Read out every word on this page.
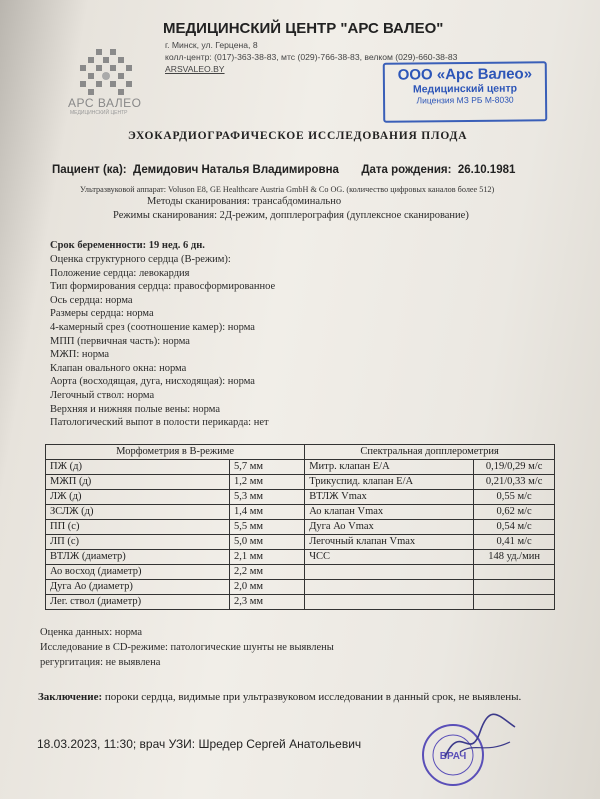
АРС ВАЛЕО
МЕДИЦИНСКИЙ ЦЕНТР
МЕДИЦИНСКИЙ ЦЕНТР "АРС ВАЛЕО"
г. Минск, ул. Герцена, 8
колл-центр: (017)-363-38-83, мтс (029)-766-38-83, велком (029)-660-38-83
ARSVALEO.BY	ООО «Арс Валео»
Медицинский центр
Лицензия МЗ РБ М-8030
ЭХОКАРДИОГРАФИЧЕСКОЕ ИССЛЕДОВАНИЯ ПЛОДА
Пациент (ка): Демидович Наталья Владимировна Дата рождения: 26.10.1981
Ультразвуковой аппарат: Voluson E8, GE Healthcare Austria GmbH & Co OG. (количество цифровых каналов более 512)
Методы сканирования: трансабдоминально
Режимы сканирования: 2Д-режим, допплерография (дуплексное сканирование)
Срок беременности: 19 нед. 6 дн.
Оценка структурного сердца (В-режим):
Положение сердца: левокардия
Тип формирования сердца: правосформированное
Ось сердца: норма
Размеры сердца: норма
4-камерный срез (соотношение камер): норма
МПП (первичная часть): норма
МЖП: норма
Клапан овального окна: норма
Аорта (восходящая, дуга, нисходящая): норма
Легочный ствол: норма
Верхняя и нижняя полые вены: норма
Патологический выпот в полости перикарда: нет
Морфометрия в В-режиме		Спектральная допплерометрия	
ПЖ (д)	5,7 мм	Митр. клапан E/A	0,19/0,29 м/с
МЖП (д)	1,2 мм	Трикуспид. клапан E/A	0,21/0,33 м/с
ЛЖ (д)	5,3 мм	ВТЛЖ Vmax	0,55 м/с
ЗСЛЖ (д)	1,4 мм	Ао клапан Vmax	0,62 м/с
ПП (с)	5,5 мм	Дуга Ао Vmax	0,54 м/с
ЛП (с)	5,0 мм	Легочный клапан Vmax	0,41 м/с
ВТЛЖ (диаметр)	2,1 мм	ЧСС	148 уд./мин
Ао восход (диаметр)	2,2 мм		
Дуга Ао (диаметр)	2,0 мм		
Лег. ствол (диаметр)	2,3 мм		
Оценка данных: норма
Исследование в CD-режиме: патологические шунты не выявлены
регургитация: не выявлена
Заключение: пороки сердца, видимые при ультразвуковом исследовании в данный срок, не выявлены.
18.03.2023, 11:30; врач УЗИ: Шредер Сергей Анатольевич
ВРАЧ
